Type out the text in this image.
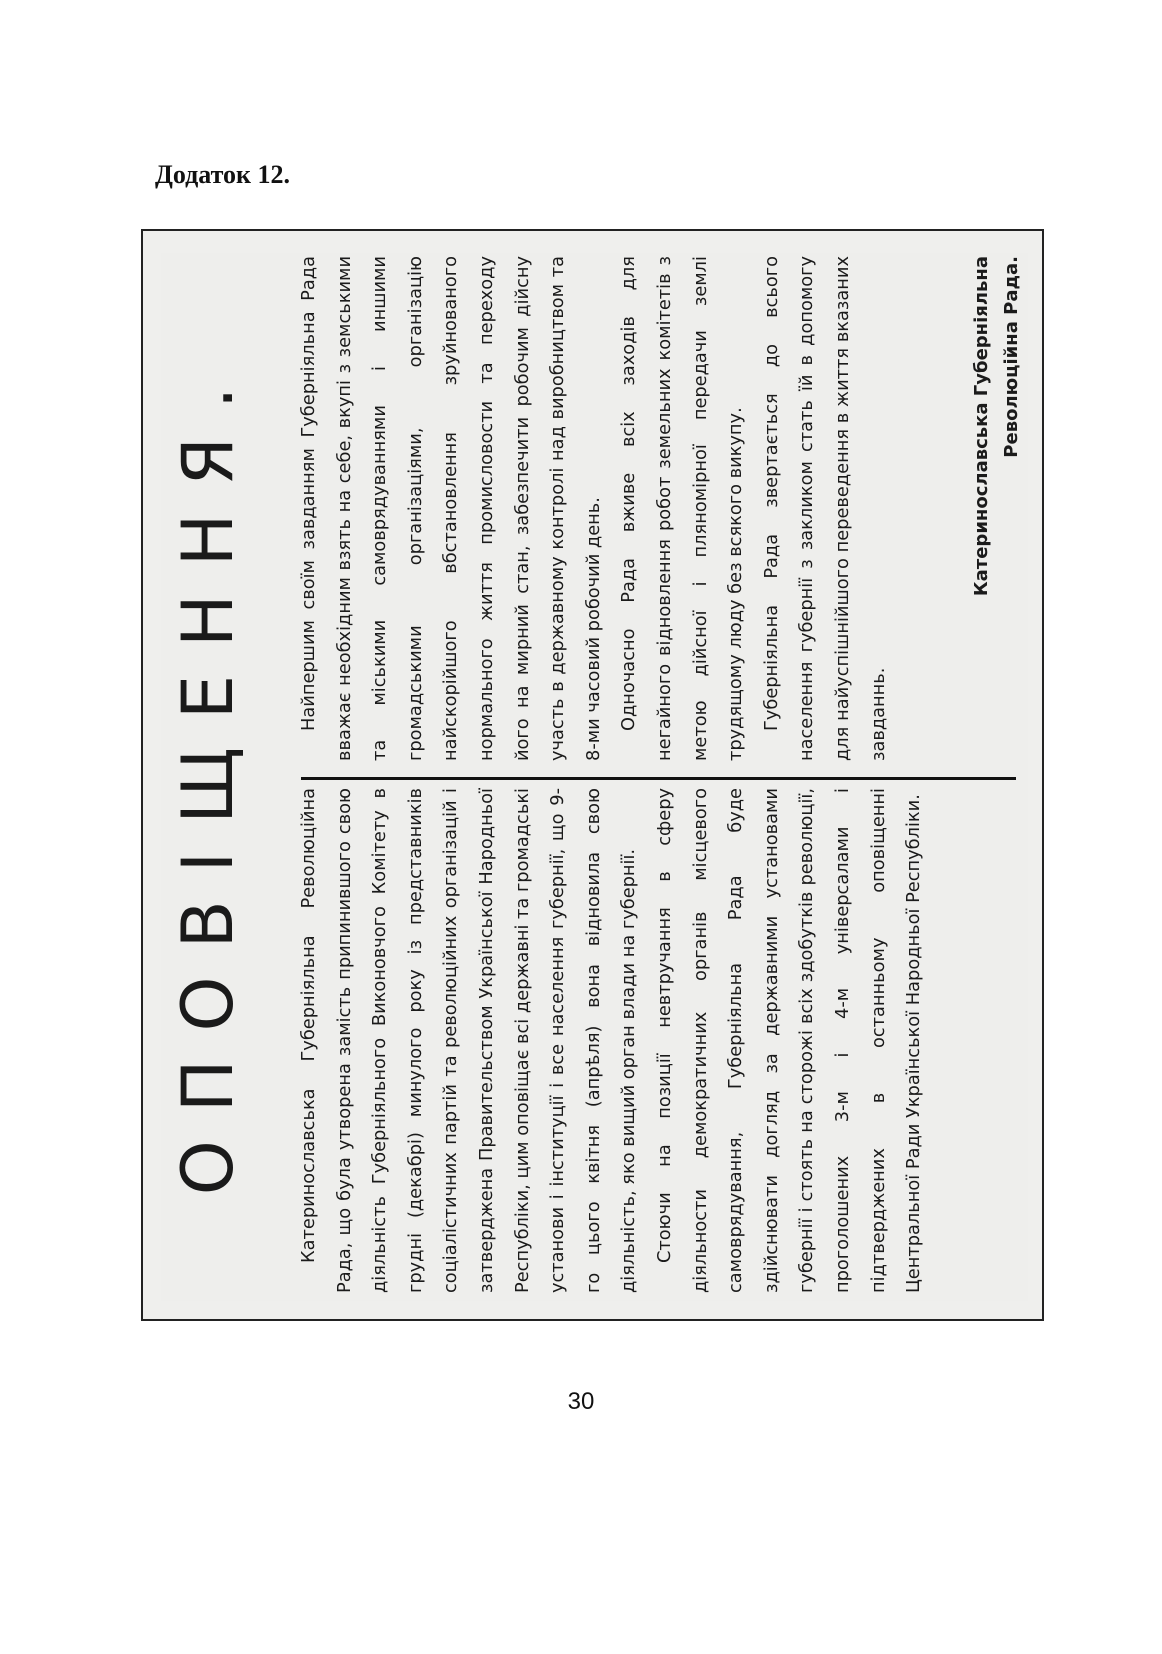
Додаток 12.
ОПОВІЩЕННЯ.	Катеринославська Губерніяльна Революційна Рада, що була утворена замість припинившого свою діяльність Губерніяльного Виконовчого Комітету в грудні (декабрі) минулого року із представників соціалістичних партій та революційних організацій і затверджена Правительством Української Народньої Республіки, цим оповіщає всі державні та громадські установи і інституції і все населення губернії, що 9-го цього квітня (апрѣля) вона відновила свою діяльність, яко вищий орган влади на губернії. Стоючи на позиції невтручання в сферу діяльности демократичних органів місцевого самоврядування, Губерніяльна Рада буде здійснювати догляд за державними установами губернії і стоять на сторожі всіх здобутків революції, проголошених 3-м і 4-м універсалами і підтверджених в останньому оповіщенні Центральної Ради Української Народньої Республіки.

Найпершим своїм завданням Губерніяльна Рада вважає необхідним взять на себе, вкупі з земськими та міськими самоврядуваннями і иншими громадськими організаціями, організацію найскорійшого вбстановлення зруйнованого нормального життя промисловости та переходу його на мирний стан, забезпечити робочим дійсну участь в державному контролі над виробництвом та 8-ми часовий робочий день. Одночасно Рада вживе всіх заходів для негайного відновлення робот земельних комітетів з метою дійсної і пляномірної передачи землі трудящому люду без всякого викупу. Губерніяльна Рада звертається до всього населення губернії з закликом стать їй в допомогу для найуспішнійшого переведення в життя вказаних завданнь.

Катеринославська Губерніяльна Революційна Рада.
30
